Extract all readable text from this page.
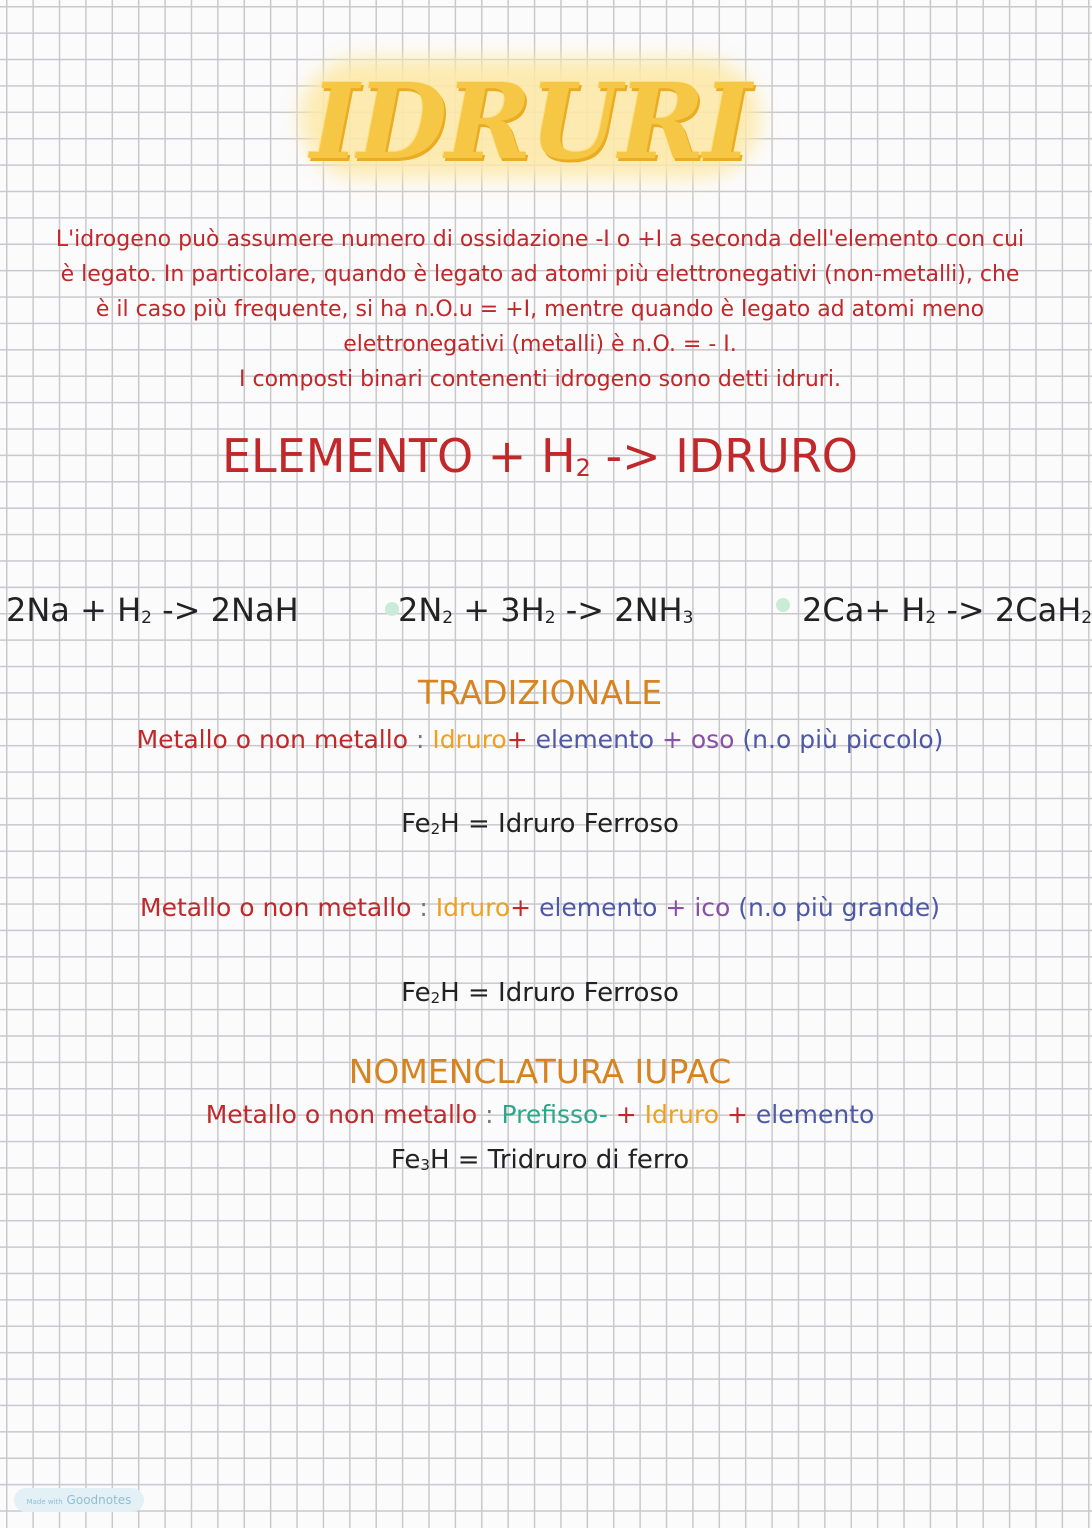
IDRURI
L'idrogeno può assumere numero di ossidazione -I o +I a seconda dell'elemento con cui
è legato. In particolare, quando è legato ad atomi più elettronegativi (non-metalli), che
è il caso più frequente, si ha n.O.u = +I, mentre quando è legato ad atomi meno
elettronegativi (metalli) è n.O. = - I.
I composti binari contenenti idrogeno sono detti idruri.
ELEMENTO + $H_2$ -> IDRURO
$2Na + H_2 -> 2NaH$	$2N_2 + 3H_2 -> 2NH_3$	$2Ca+ H_2 -> 2CaH_2$
TRADIZIONALE
Metallo o non metallo : Idruro+ elemento + oso (n.o più piccolo)
$Fe_2H$ = Idruro Ferroso
Metallo o non metallo : Idruro+ elemento + ico (n.o più grande)
$Fe_2H$ = Idruro Ferroso
NOMENCLATURA IUPAC
Metallo o non metallo : Prefisso- + Idruro + elemento
$Fe_3H$ = Tridruro di ferro
Made with Goodnotes
